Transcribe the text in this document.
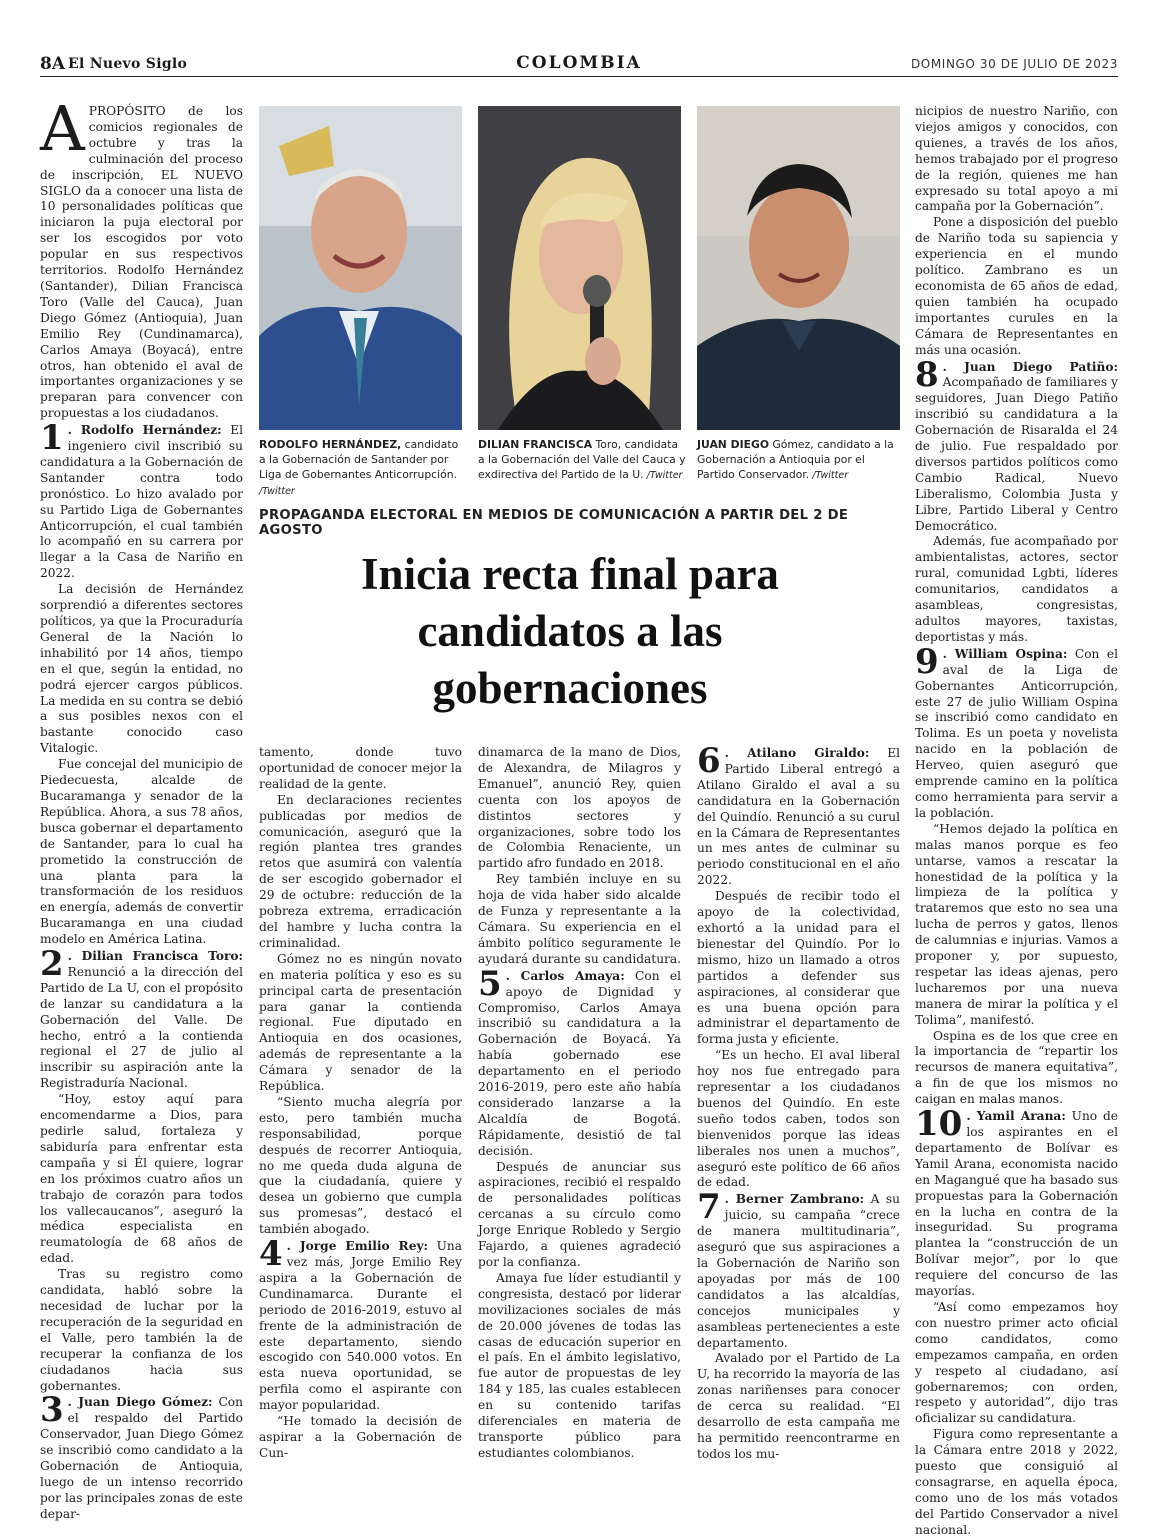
8A El Nuevo Siglo	COLOMBIA	DOMINGO 30 DE JULIO DE 2023

APROPÓSITO de los comicios regionales de octubre y tras la culminación del proceso de inscripción, EL NUEVO SIGLO da a conocer una lista de 10 personalidades políticas que iniciaron la puja electoral por ser los escogidos por voto popular en sus respectivos territorios. Rodolfo Hernández (Santander), Dilian Francisca Toro (Valle del Cauca), Juan Diego Gómez (Antioquia), Juan Emilio Rey (Cundinamarca), Carlos Amaya (Boyacá), entre otros, han obtenido el aval de importantes organizaciones y se preparan para convencer con propuestas a los ciudadanos.

1 . Rodolfo Hernández: El ingeniero civil inscribió su candidatura a la Gobernación de Santander contra todo pronóstico. Lo hizo avalado por su Partido Liga de Gobernantes Anticorrupción, el cual también lo acompañó en su carrera por llegar a la Casa de Nariño en 2022.

La decisión de Hernández sorprendió a diferentes sectores políticos, ya que la Procuraduría General de la Nación lo inhabilitó por 14 años, tiempo en el que, según la entidad, no podrá ejercer cargos públicos. La medida en su contra se debió a sus posibles nexos con el bastante conocido caso Vitalogic.

Fue concejal del municipio de Piedecuesta, alcalde de Bucaramanga y senador de la República. Ahora, a sus 78 años, busca gobernar el departamento de Santander, para lo cual ha prometido la construcción de una planta para la transformación de los residuos en energía, además de convertir Bucaramanga en una ciudad modelo en América Latina.

2 . Dilian Francisca Toro: Renunció a la dirección del Partido de La U, con el propósito de lanzar su candidatura a la Gobernación del Valle. De hecho, entró a la contienda regional el 27 de julio al inscribir su aspiración ante la Registraduría Nacional.

“Hoy, estoy aquí para encomendarme a Dios, para pedirle salud, fortaleza y sabiduría para enfrentar esta campaña y si Él quiere, lograr en los próximos cuatro años un trabajo de corazón para todos los vallecaucanos”, aseguró la médica especialista en reumatología de 68 años de edad.

Tras su registro como candidata, habló sobre la necesidad de luchar por la recuperación de la seguridad en el Valle, pero también la de recuperar la confianza de los ciudadanos hacia sus gobernantes.

3 . Juan Diego Gómez: Con el respaldo del Partido Conservador, Juan Diego Gómez se inscribió como candidato a la Gobernación de Antioquia, luego de un intenso recorrido por las principales zonas de este depar-

RODOLFO HERNÁNDEZ, candidato a la Gobernación de Santander por Liga de Gobernantes Anticorrupción. /Twitter
DILIAN FRANCISCA Toro, candidata a la Gobernación del Valle del Cauca y exdirectiva del Partido de la U. /Twitter
JUAN DIEGO Gómez, candidato a la Gobernación a Antioquia por el Partido Conservador. /Twitter
PROPAGANDA ELECTORAL EN MEDIOS DE COMUNICACIÓN A PARTIR DEL 2 DE AGOSTO
Inicia recta final para candidatos a las gobernaciones

tamento, donde tuvo oportunidad de conocer mejor la realidad de la gente.

En declaraciones recientes publicadas por medios de comunicación, aseguró que la región plantea tres grandes retos que asumirá con valentía de ser escogido gobernador el 29 de octubre: reducción de la pobreza extrema, erradicación del hambre y lucha contra la criminalidad.

Gómez no es ningún novato en materia política y eso es su principal carta de presentación para ganar la contienda regional. Fue diputado en Antioquia en dos ocasiones, además de representante a la Cámara y senador de la República.

“Siento mucha alegría por esto, pero también mucha responsabilidad, porque después de recorrer Antioquia, no me queda duda alguna de que la ciudadanía, quiere y desea un gobierno que cumpla sus promesas”, destacó el también abogado.

4 . Jorge Emilio Rey: Una vez más, Jorge Emilio Rey aspira a la Gobernación de Cundinamarca. Durante el periodo de 2016-2019, estuvo al frente de la administración de este departamento, siendo escogido con 540.000 votos. En esta nueva oportunidad, se perfila como el aspirante con mayor popularidad.

“He tomado la decisión de aspirar a la Gobernación de Cun-

dinamarca de la mano de Dios, de Alexandra, de Milagros y Emanuel”, anunció Rey, quien cuenta con los apoyos de distintos sectores y organizaciones, sobre todo los de Colombia Renaciente, un partido afro fundado en 2018.

Rey también incluye en su hoja de vida haber sido alcalde de Funza y representante a la Cámara. Su experiencia en el ámbito político seguramente le ayudará durante su candidatura.

5 . Carlos Amaya: Con el apoyo de Dignidad y Compromiso, Carlos Amaya inscribió su candidatura a la Gobernación de Boyacá. Ya había gobernado ese departamento en el periodo 2016-2019, pero este año había considerado lanzarse a la Alcaldía de Bogotá. Rápidamente, desistió de tal decisión.

Después de anunciar sus aspiraciones, recibió el respaldo de personalidades políticas cercanas a su círculo como Jorge Enrique Robledo y Sergio Fajardo, a quienes agradeció por la confianza.

Amaya fue líder estudiantil y congresista, destacó por liderar movilizaciones sociales de más de 20.000 jóvenes de todas las casas de educación superior en el país. En el ámbito legislativo, fue autor de propuestas de ley 184 y 185, las cuales establecen en su contenido tarifas diferenciales en materia de transporte público para estudiantes colombianos.

6 . Atilano Giraldo: El Partido Liberal entregó a Atilano Giraldo el aval a su candidatura en la Gobernación del Quindío. Renunció a su curul en la Cámara de Representantes un mes antes de culminar su periodo constitucional en el año 2022.

Después de recibir todo el apoyo de la colectividad, exhortó a la unidad para el bienestar del Quindío. Por lo mismo, hizo un llamado a otros partidos a defender sus aspiraciones, al considerar que es una buena opción para administrar el departamento de forma justa y eficiente.

“Es un hecho. El aval liberal hoy nos fue entregado para representar a los ciudadanos buenos del Quindío. En este sueño todos caben, todos son bienvenidos porque las ideas liberales nos unen a muchos”, aseguró este político de 66 años de edad.

7 . Berner Zambrano: A su juicio, su campaña “crece de manera multitudinaria”, aseguró que sus aspiraciones a la Gobernación de Nariño son apoyadas por más de 100 candidatos a las alcaldías, concejos municipales y asambleas pertenecientes a este departamento.

Avalado por el Partido de La U, ha recorrido la mayoría de las zonas nariñenses para conocer de cerca su realidad. “El desarrollo de esta campaña me ha permitido reencontrarme en todos los mu-

nicipios de nuestro Nariño, con viejos amigos y conocidos, con quienes, a través de los años, hemos trabajado por el progreso de la región, quienes me han expresado su total apoyo a mi campaña por la Gobernación”.

Pone a disposición del pueblo de Nariño toda su sapiencia y experiencia en el mundo político. Zambrano es un economista de 65 años de edad, quien también ha ocupado importantes curules en la Cámara de Representantes en más una ocasión.

8 . Juan Diego Patiño: Acompañado de familiares y seguidores, Juan Diego Patiño inscribió su candidatura a la Gobernación de Risaralda el 24 de julio. Fue respaldado por diversos partidos políticos como Cambio Radical, Nuevo Liberalismo, Colombia Justa y Libre, Partido Liberal y Centro Democrático.

Además, fue acompañado por ambientalistas, actores, sector rural, comunidad Lgbti, líderes comunitarios, candidatos a asambleas, congresistas, adultos mayores, taxistas, deportistas y más.

9 . William Ospina: Con el aval de la Liga de Gobernantes Anticorrupción, este 27 de julio William Ospina se inscribió como candidato en Tolima. Es un poeta y novelista nacido en la población de Herveo, quien aseguró que emprende camino en la política como herramienta para servir a la población.

“Hemos dejado la política en malas manos porque es feo untarse, vamos a rescatar la honestidad de la política y la limpieza de la política y trataremos que esto no sea una lucha de perros y gatos, llenos de calumnias e injurias. Vamos a proponer y, por supuesto, respetar las ideas ajenas, pero lucharemos por una nueva manera de mirar la política y el Tolima”, manifestó.

Ospina es de los que cree en la importancia de “repartir los recursos de manera equitativa”, a fin de que los mismos no caigan en malas manos.

10 . Yamil Arana: Uno de los aspirantes en el departamento de Bolívar es Yamil Arana, economista nacido en Magangué que ha basado sus propuestas para la Gobernación en la lucha en contra de la inseguridad. Su programa plantea la “construcción de un Bolívar mejor”, por lo que requiere del concurso de las mayorías.

“Así como empezamos hoy con nuestro primer acto oficial como candidatos, como empezamos campaña, en orden y respeto al ciudadano, así gobernaremos; con orden, respeto y autoridad”, dijo tras oficializar su candidatura.

Figura como representante a la Cámara entre 2018 y 2022, puesto que consiguió al consagrarse, en aquella época, como uno de los más votados del Partido Conservador a nivel nacional.
